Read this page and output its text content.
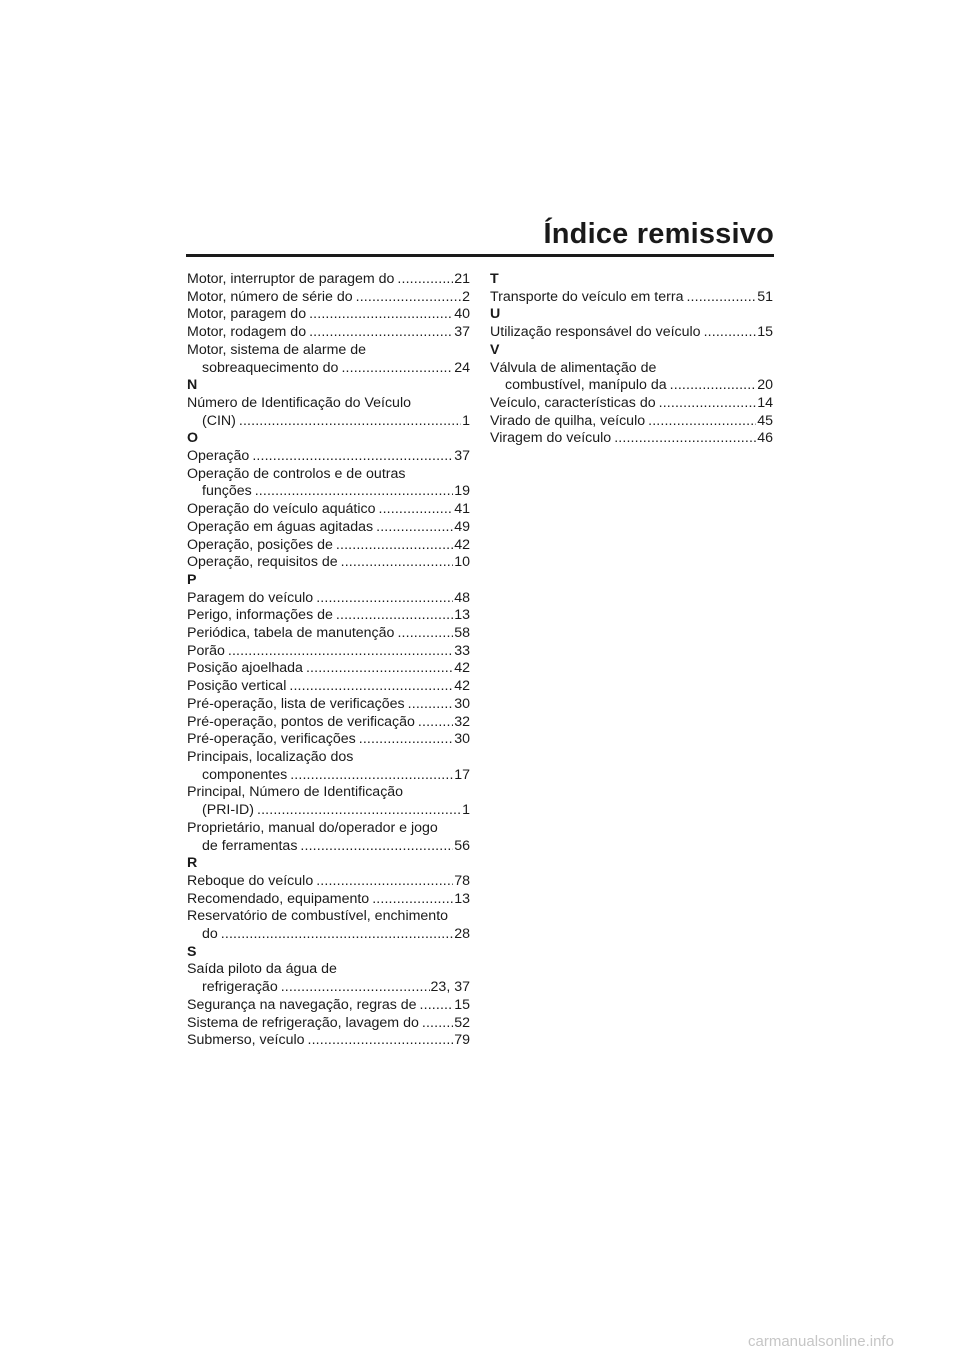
Índice remissivo
Motor, interruptor de paragem do . . .	21
Motor, número de série do . . .	2
Motor, paragem do . . .	40
Motor, rodagem do . . .	37
Motor, sistema de alarme de
sobreaquecimento do . . .	24
N
Número de Identificação do Veículo
(CIN) . . .	1
O
Operação . . .	37
Operação de controlos e de outras
funções . . .	19
Operação do veículo aquático . . .	41
Operação em águas agitadas . . .	49
Operação, posições de . . .	42
Operação, requisitos de . . .	10
P
Paragem do veículo . . .	48
Perigo, informações de . . .	13
Periódica, tabela de manutenção . . .	58
Porão . . .	33
Posição ajoelhada . . .	42
Posição vertical . . .	42
Pré-operação, lista de verificações . . .	30
Pré-operação, pontos de verificação . . .	32
Pré-operação, verificações . . .	30
Principais, localização dos
componentes . . .	17
Principal, Número de Identificação
(PRI-ID) . . .	1
Proprietário, manual do/operador e jogo
de ferramentas . . .	56
R
Reboque do veículo . . .	78
Recomendado, equipamento . . .	13
Reservatório de combustível, enchimento
do . . .	28
S
Saída piloto da água de
refrigeração . . .	23, 37
Segurança na navegação, regras de . . .	15
Sistema de refrigeração, lavagem do . . . 52
Submerso, veículo . . .	79
T
Transporte do veículo em terra . . .	51
U
Utilização responsável do veículo . . .	15
V
Válvula de alimentação de
combustível, manípulo da . . .	20
Veículo, características do . . .	14
Virado de quilha, veículo . . .	45
Viragem do veículo . . .	46
carmanualsonline.info
